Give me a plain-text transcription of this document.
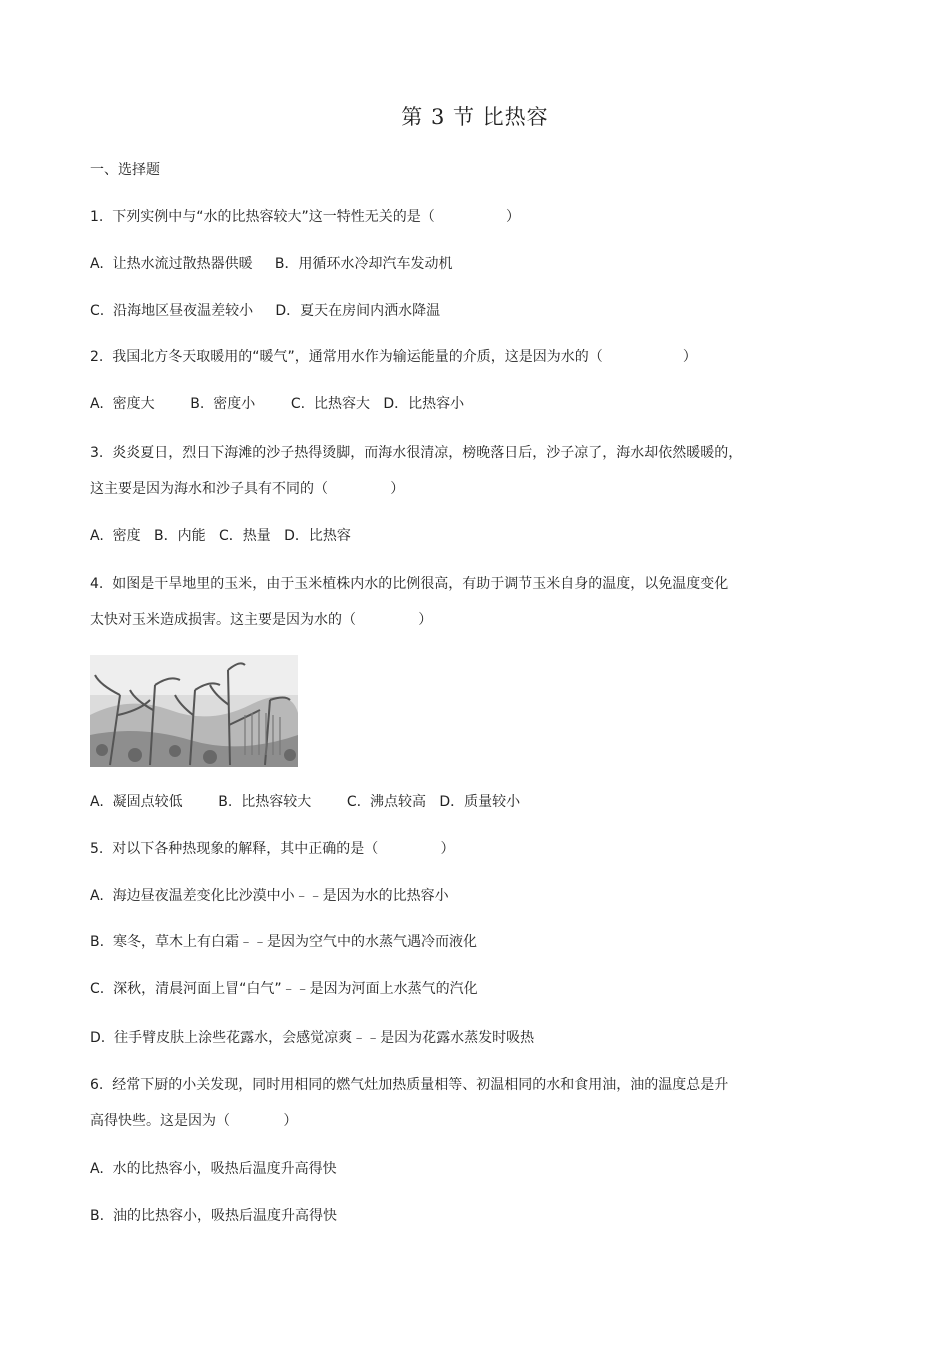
第 3 节 比热容
一、选择题
1.  下列实例中与“水的比热容较大”这一特性无关的是（                ）
A.  让热水流过散热器供暖     B．用循环水冷却汽车发动机
C.  沿海地区昼夜温差较小     D．夏天在房间内洒水降温
2.  我国北方冬天取暖用的“暖气”，通常用水作为输运能量的介质，这是因为水的（                  ）
A.  密度大        B.  密度小        C.  比热容大   D．比热容小
3.  炎炎夏日，烈日下海滩的沙子热得烫脚，而海水很清凉，榜晚落日后，沙子凉了，海水却依然暖暖的，
这主要是因为海水和沙子具有不同的（              ）
A.  密度   B．内能   C．热量   D．比热容
4.  如图是干旱地里的玉米，由于玉米植株内水的比例很高，有助于调节玉米自身的温度，以免温度变化
太快对玉米造成损害。这主要是因为水的（              ）
A.  凝固点较低        B.  比热容较大        C.  沸点较高   D．质量较小
5.  对以下各种热现象的解释，其中正确的是（              ）
A.  海边昼夜温差变化比沙漠中小﹣﹣是因为水的比热容小
B.  寒冬，草木上有白霜﹣﹣是因为空气中的水蒸气遇冷而液化
C.  深秋，清晨河面上冒“白气”﹣﹣是因为河面上水蒸气的汽化
D.  往手臂皮肤上涂些花露水，会感觉凉爽﹣﹣是因为花露水蒸发时吸热
6.  经常下厨的小关发现，同时用相同的燃气灶加热质量相等、初温相同的水和食用油，油的温度总是升
高得快些。这是因为（            ）
A.  水的比热容小，吸热后温度升高得快
B.  油的比热容小，吸热后温度升高得快
